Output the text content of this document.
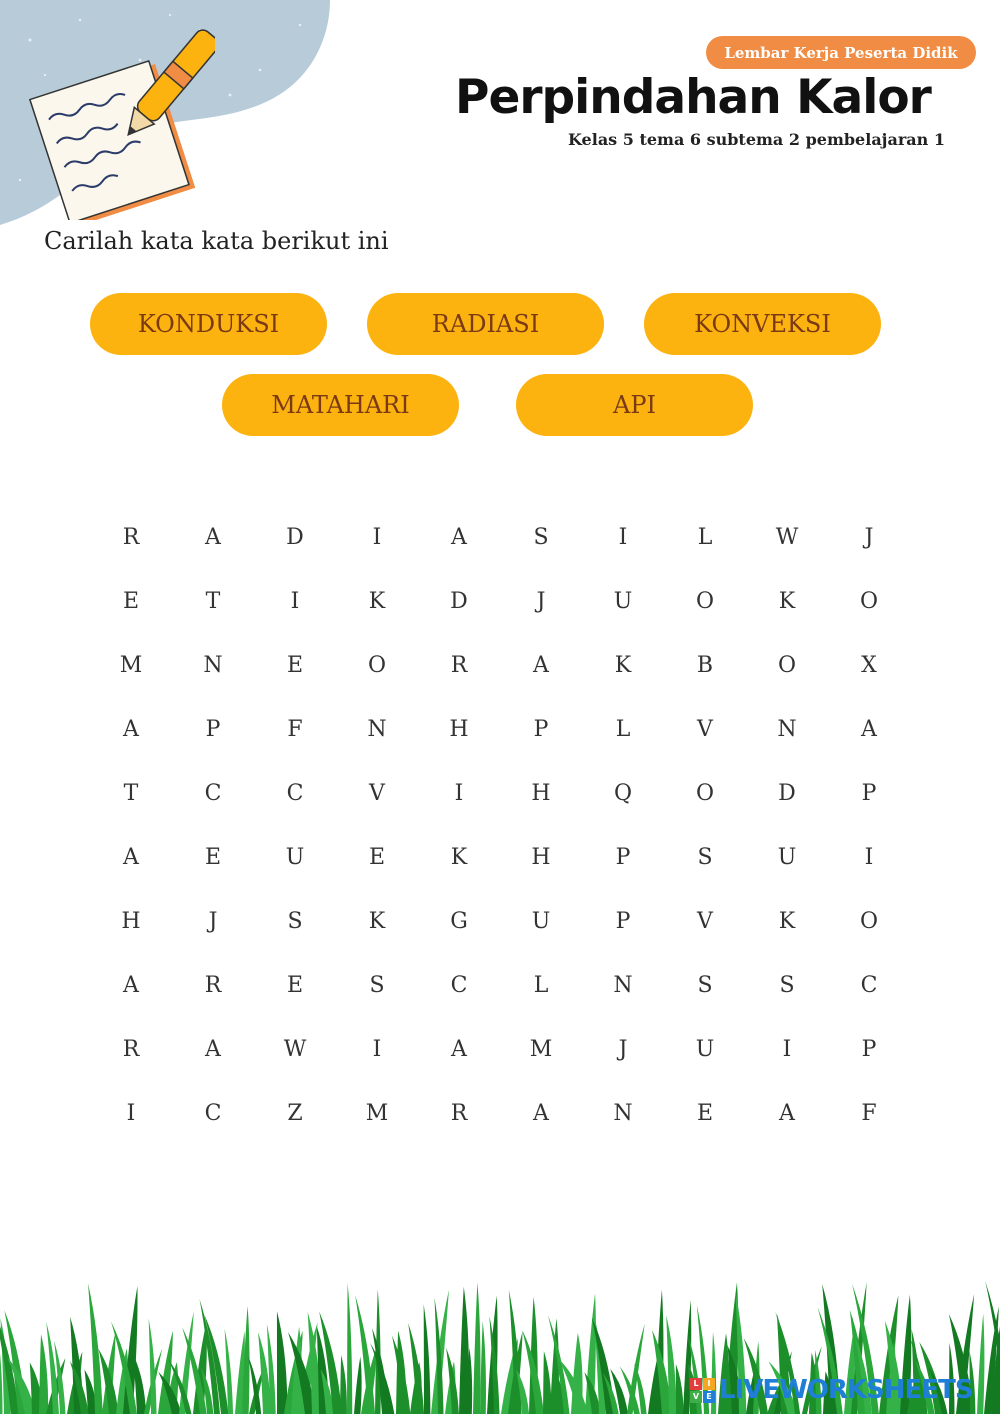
Lembar Kerja Peserta Didik
Perpindahan Kalor
Kelas 5 tema 6 subtema 2 pembelajaran 1
Carilah kata kata berikut ini
KONDUKSI	RADIASI	KONVEKSI
MATAHARI	API
R	A	D	I	A	S	I	L	W	J
E	T	I	K	D	J	U	O	K	O
M	N	E	O	R	A	K	B	O	X
A	P	F	N	H	P	L	V	N	A
T	C	C	V	I	H	Q	O	D	P
A	E	U	E	K	H	P	S	U	I
H	J	S	K	G	U	P	V	K	O
A	R	E	S	C	L	N	S	S	C
R	A	W	I	A	M	J	U	I	P
I	C	Z	M	R	A	N	E	A	F
L	I
V E LIVEWORKSHEETS
